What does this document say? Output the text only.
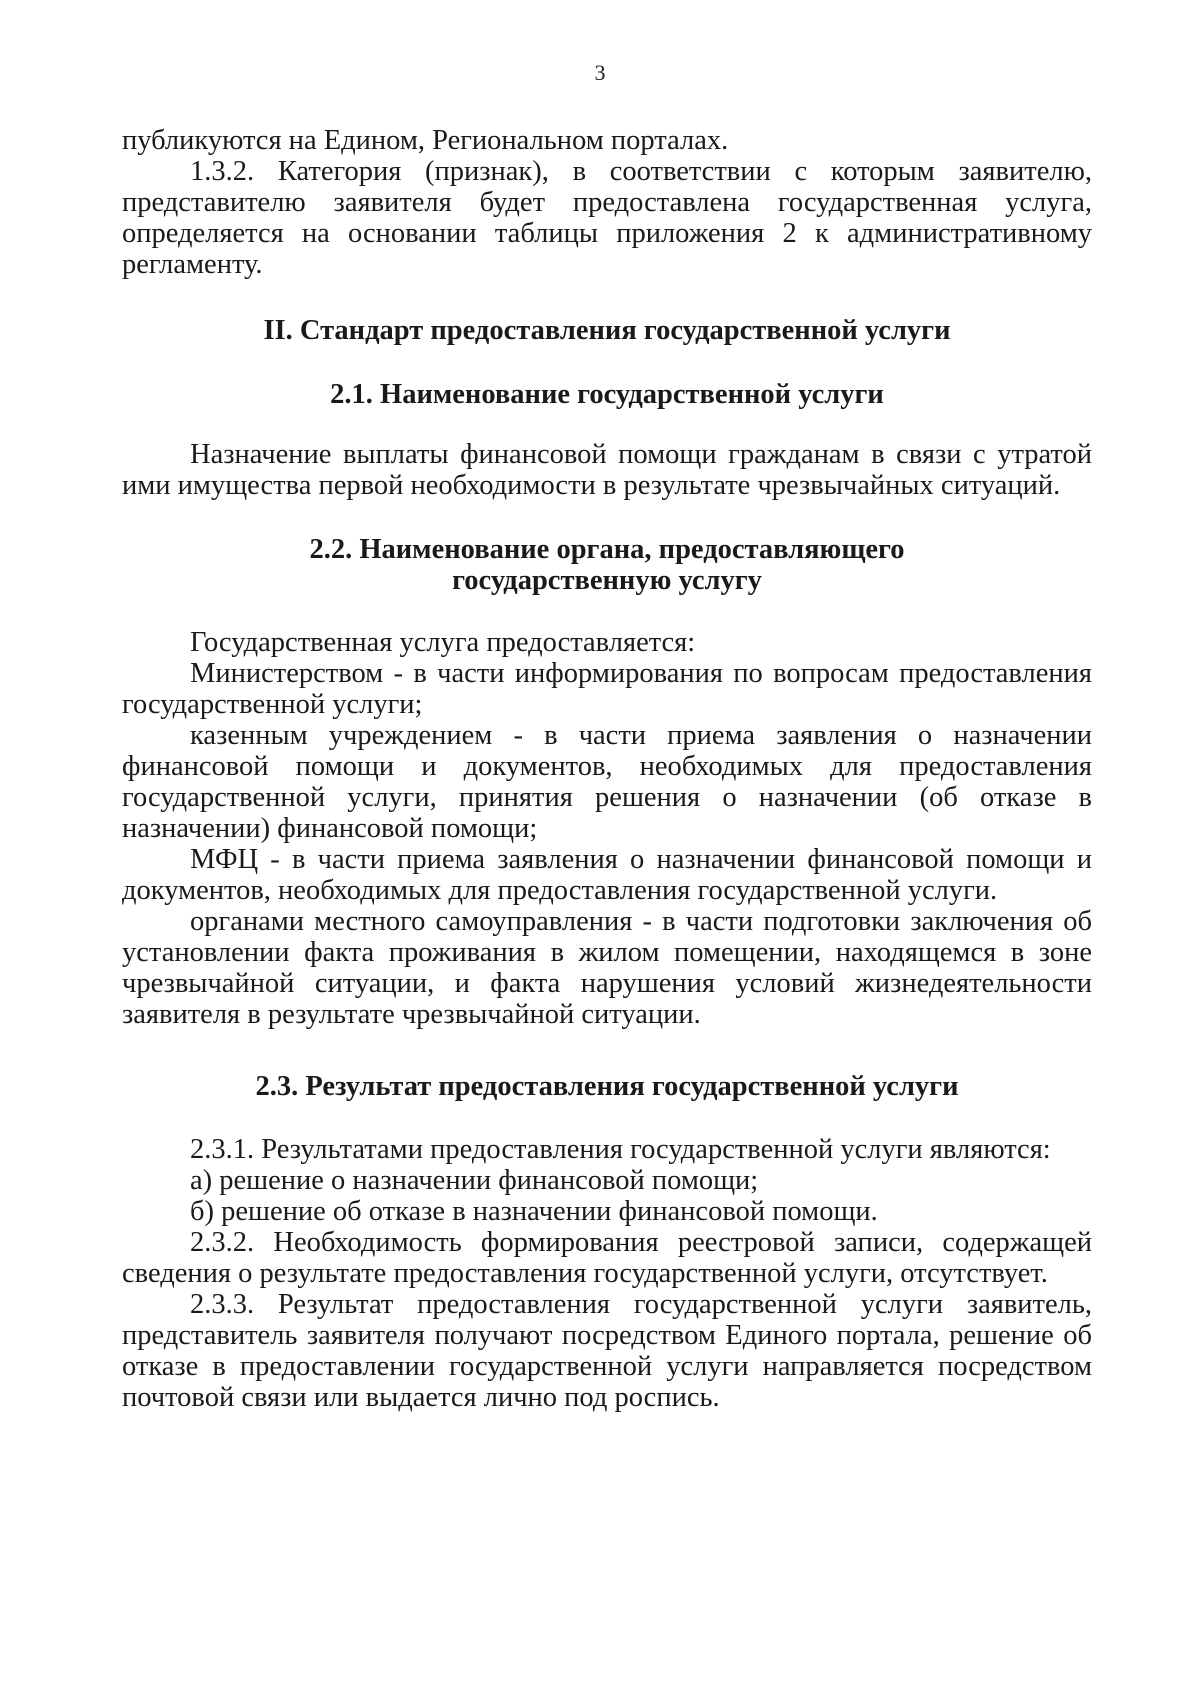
3

публикуются на Едином, Региональном порталах.

1.3.2. Категория (признак), в соответствии с которым заявителю, представителю заявителя будет предоставлена государственная услуга, определяется на основании таблицы приложения 2 к административному регламенту.

II. Стандарт предоставления государственной услуги
2.1. Наименование государственной услуги

Назначение выплаты финансовой помощи гражданам в связи с утратой ими имущества первой необходимости в результате чрезвычайных ситуаций.

2.2. Наименование органа, предоставляющего
государственную услугу

Государственная услуга предоставляется:

Министерством - в части информирования по вопросам предоставления государственной услуги;

казенным учреждением - в части приема заявления о назначении финансовой помощи и документов, необходимых для предоставления государственной услуги, принятия решения о назначении (об отказе в назначении) финансовой помощи;

МФЦ - в части приема заявления о назначении финансовой помощи и документов, необходимых для предоставления государственной услуги.

органами местного самоуправления - в части подготовки заключения об установлении факта проживания в жилом помещении, находящемся в зоне чрезвычайной ситуации, и факта нарушения условий жизнедеятельности заявителя в результате чрезвычайной ситуации.

2.3. Результат предоставления государственной услуги

2.3.1. Результатами предоставления государственной услуги являются:

а) решение о назначении финансовой помощи;

б) решение об отказе в назначении финансовой помощи.

2.3.2. Необходимость формирования реестровой записи, содержащей сведения о результате предоставления государственной услуги, отсутствует.

2.3.3. Результат предоставления государственной услуги заявитель, представитель заявителя получают посредством Единого портала, решение об отказе в предоставлении государственной услуги направляется посредством почтовой связи или выдается лично под роспись.
